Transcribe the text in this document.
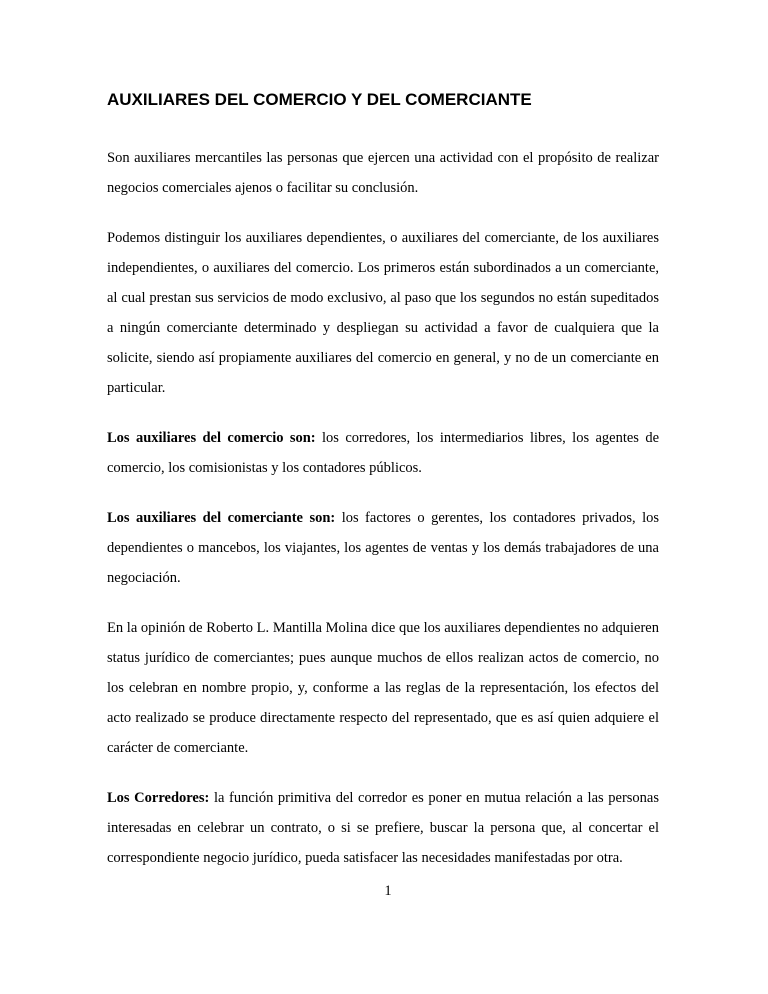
AUXILIARES DEL COMERCIO Y DEL COMERCIANTE

Son auxiliares mercantiles las personas que ejercen una actividad con el propósito de realizar negocios comerciales ajenos o facilitar su conclusión.

Podemos distinguir los auxiliares dependientes, o auxiliares del comerciante, de los auxiliares independientes, o auxiliares del comercio. Los primeros están subordinados a un comerciante, al cual prestan sus servicios de modo exclusivo, al paso que los segundos no están supeditados a ningún comerciante determinado y despliegan su actividad a favor de cualquiera que la solicite, siendo así propiamente auxiliares del comercio en general, y no de un comerciante en particular.

Los auxiliares del comercio son: los corredores, los intermediarios libres, los agentes de comercio, los comisionistas y los contadores públicos.

Los auxiliares del comerciante son: los factores o gerentes, los contadores privados, los dependientes o mancebos, los viajantes, los agentes de ventas y los demás trabajadores de una negociación.

En la opinión de Roberto L. Mantilla Molina dice que los auxiliares dependientes no adquieren status jurídico de comerciantes; pues aunque muchos de ellos realizan actos de comercio, no los celebran en nombre propio, y, conforme a las reglas de la representación, los efectos del acto realizado se produce directamente respecto del representado, que es así quien adquiere el carácter de comerciante.

Los Corredores: la función primitiva del corredor es poner en mutua relación a las personas interesadas en celebrar un contrato, o si se prefiere, buscar la persona que, al concertar el correspondiente negocio jurídico, pueda satisfacer las necesidades manifestadas por otra.

1
